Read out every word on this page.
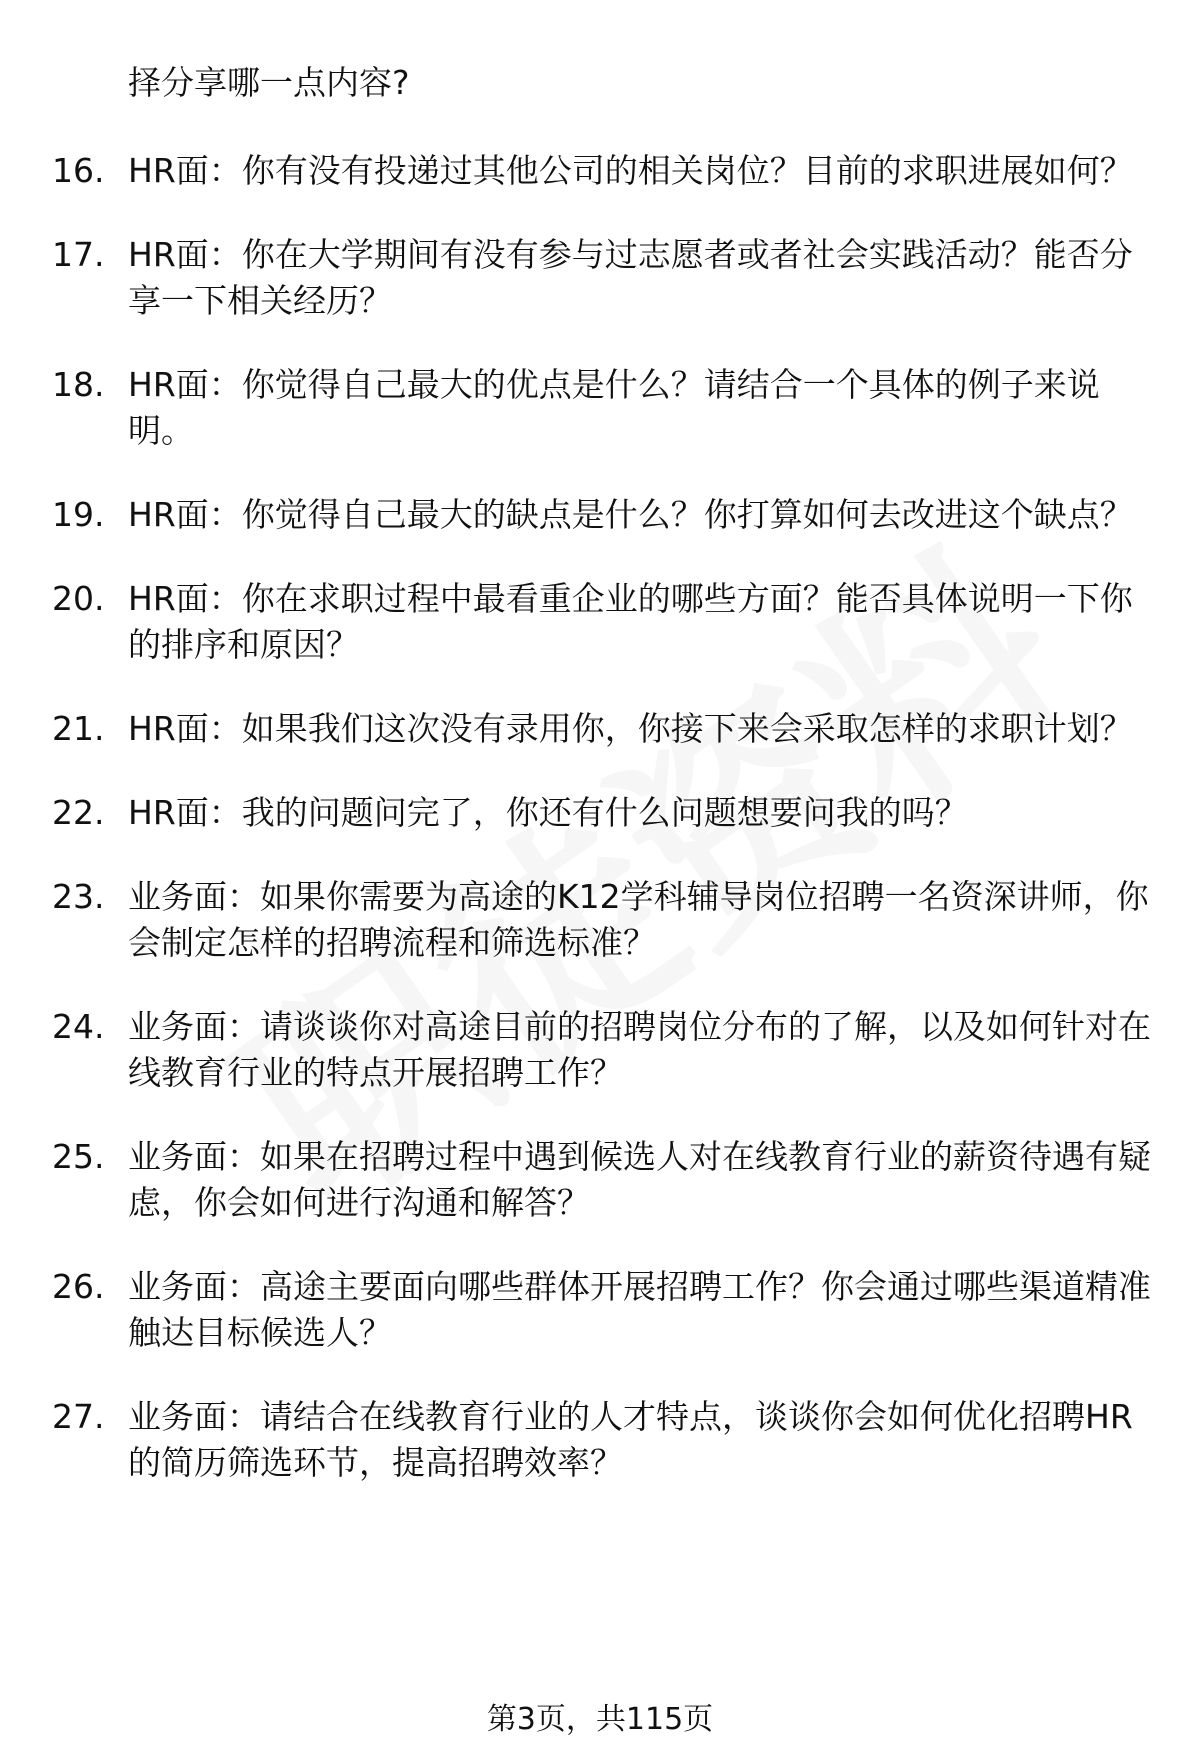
择分享哪一点内容?
16. HR面：你有没有投递过其他公司的相关岗位？目前的求职进展如何？
17. HR面：你在大学期间有没有参与过志愿者或者社会实践活动？能否分享一下相关经历？
18. HR面：你觉得自己最大的优点是什么？请结合一个具体的例子来说明。
19. HR面：你觉得自己最大的缺点是什么？你打算如何去改进这个缺点？
20. HR面：你在求职过程中最看重企业的哪些方面？能否具体说明一下你的排序和原因？
21. HR面：如果我们这次没有录用你，你接下来会采取怎样的求职计划？
22. HR面：我的问题问完了，你还有什么问题想要问我的吗？
23. 业务面：如果你需要为高途的K12学科辅导岗位招聘一名资深讲师，你会制定怎样的招聘流程和筛选标准？
24. 业务面：请谈谈你对高途目前的招聘岗位分布的了解，以及如何针对在线教育行业的特点开展招聘工作？
25. 业务面：如果在招聘过程中遇到候选人对在线教育行业的薪资待遇有疑虑，你会如何进行沟通和解答？
26. 业务面：高途主要面向哪些群体开展招聘工作？你会通过哪些渠道精准触达目标候选人？
27. 业务面：请结合在线教育行业的人才特点，谈谈你会如何优化招聘HR的简历筛选环节，提高招聘效率？
第3页，共115页
